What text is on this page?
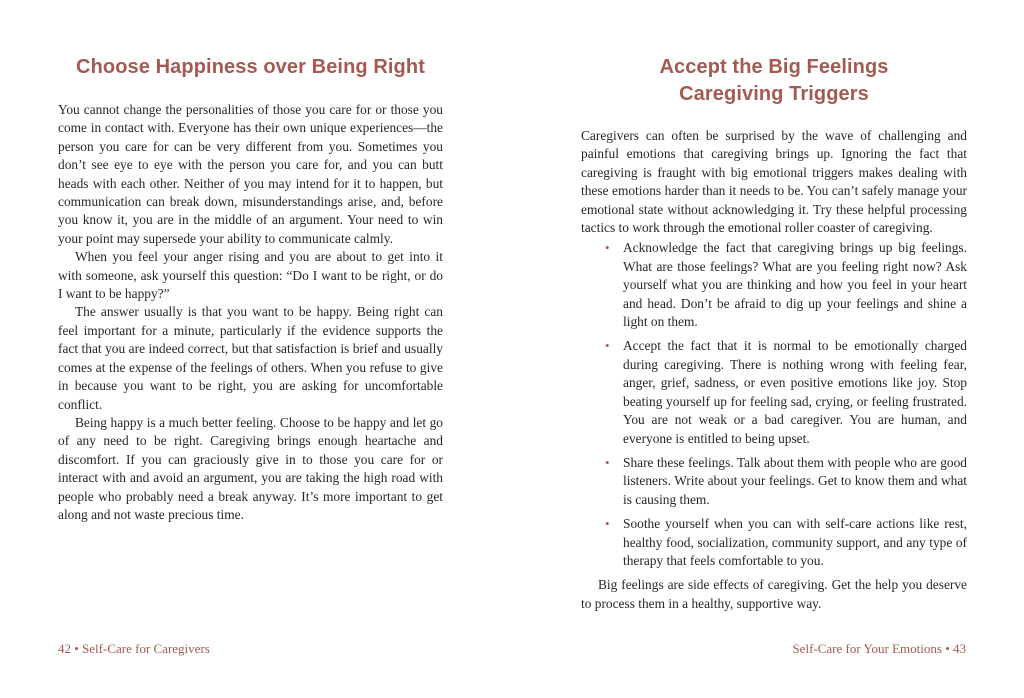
Choose Happiness over Being Right

You cannot change the personalities of those you care for or those you come in contact with. Everyone has their own unique experiences—the person you care for can be very different from you. Sometimes you don’t see eye to eye with the person you care for, and you can butt heads with each other. Neither of you may intend for it to happen, but communication can break down, misunderstandings arise, and, before you know it, you are in the middle of an argument. Your need to win your point may supersede your ability to communicate calmly.

When you feel your anger rising and you are about to get into it with someone, ask yourself this question: “Do I want to be right, or do I want to be happy?”

The answer usually is that you want to be happy. Being right can feel important for a minute, particularly if the evidence supports the fact that you are indeed correct, but that satisfaction is brief and usually comes at the expense of the feelings of others. When you refuse to give in because you want to be right, you are asking for uncomfortable conflict.

Being happy is a much better feeling. Choose to be happy and let go of any need to be right. Caregiving brings enough heartache and discomfort. If you can graciously give in to those you care for or interact with and avoid an argument, you are taking the high road with people who probably need a break anyway. It’s more important to get along and not waste precious time.

42 • Self-Care for Caregivers
Accept the Big Feelings
Caregiving Triggers

Caregivers can often be surprised by the wave of challenging and painful emotions that caregiving brings up. Ignoring the fact that caregiving is fraught with big emotional triggers makes dealing with these emotions harder than it needs to be. You can’t safely manage your emotional state without acknowledging it. Try these helpful processing tactics to work through the emotional roller coaster of caregiving.

• Acknowledge the fact that caregiving brings up big feelings. What are those feelings? What are you feeling right now? Ask yourself what you are thinking and how you feel in your heart and head. Don’t be afraid to dig up your feelings and shine a light on them.
• Accept the fact that it is normal to be emotionally charged during caregiving. There is nothing wrong with feeling fear, anger, grief, sadness, or even positive emotions like joy. Stop beating yourself up for feeling sad, crying, or feeling frustrated. You are not weak or a bad caregiver. You are human, and everyone is entitled to being upset.
• Share these feelings. Talk about them with people who are good listeners. Write about your feelings. Get to know them and what is causing them.
• Soothe yourself when you can with self-care actions like rest, healthy food, socialization, community support, and any type of therapy that feels comfortable to you.

Big feelings are side effects of caregiving. Get the help you deserve to process them in a healthy, supportive way.

Self-Care for Your Emotions • 43
